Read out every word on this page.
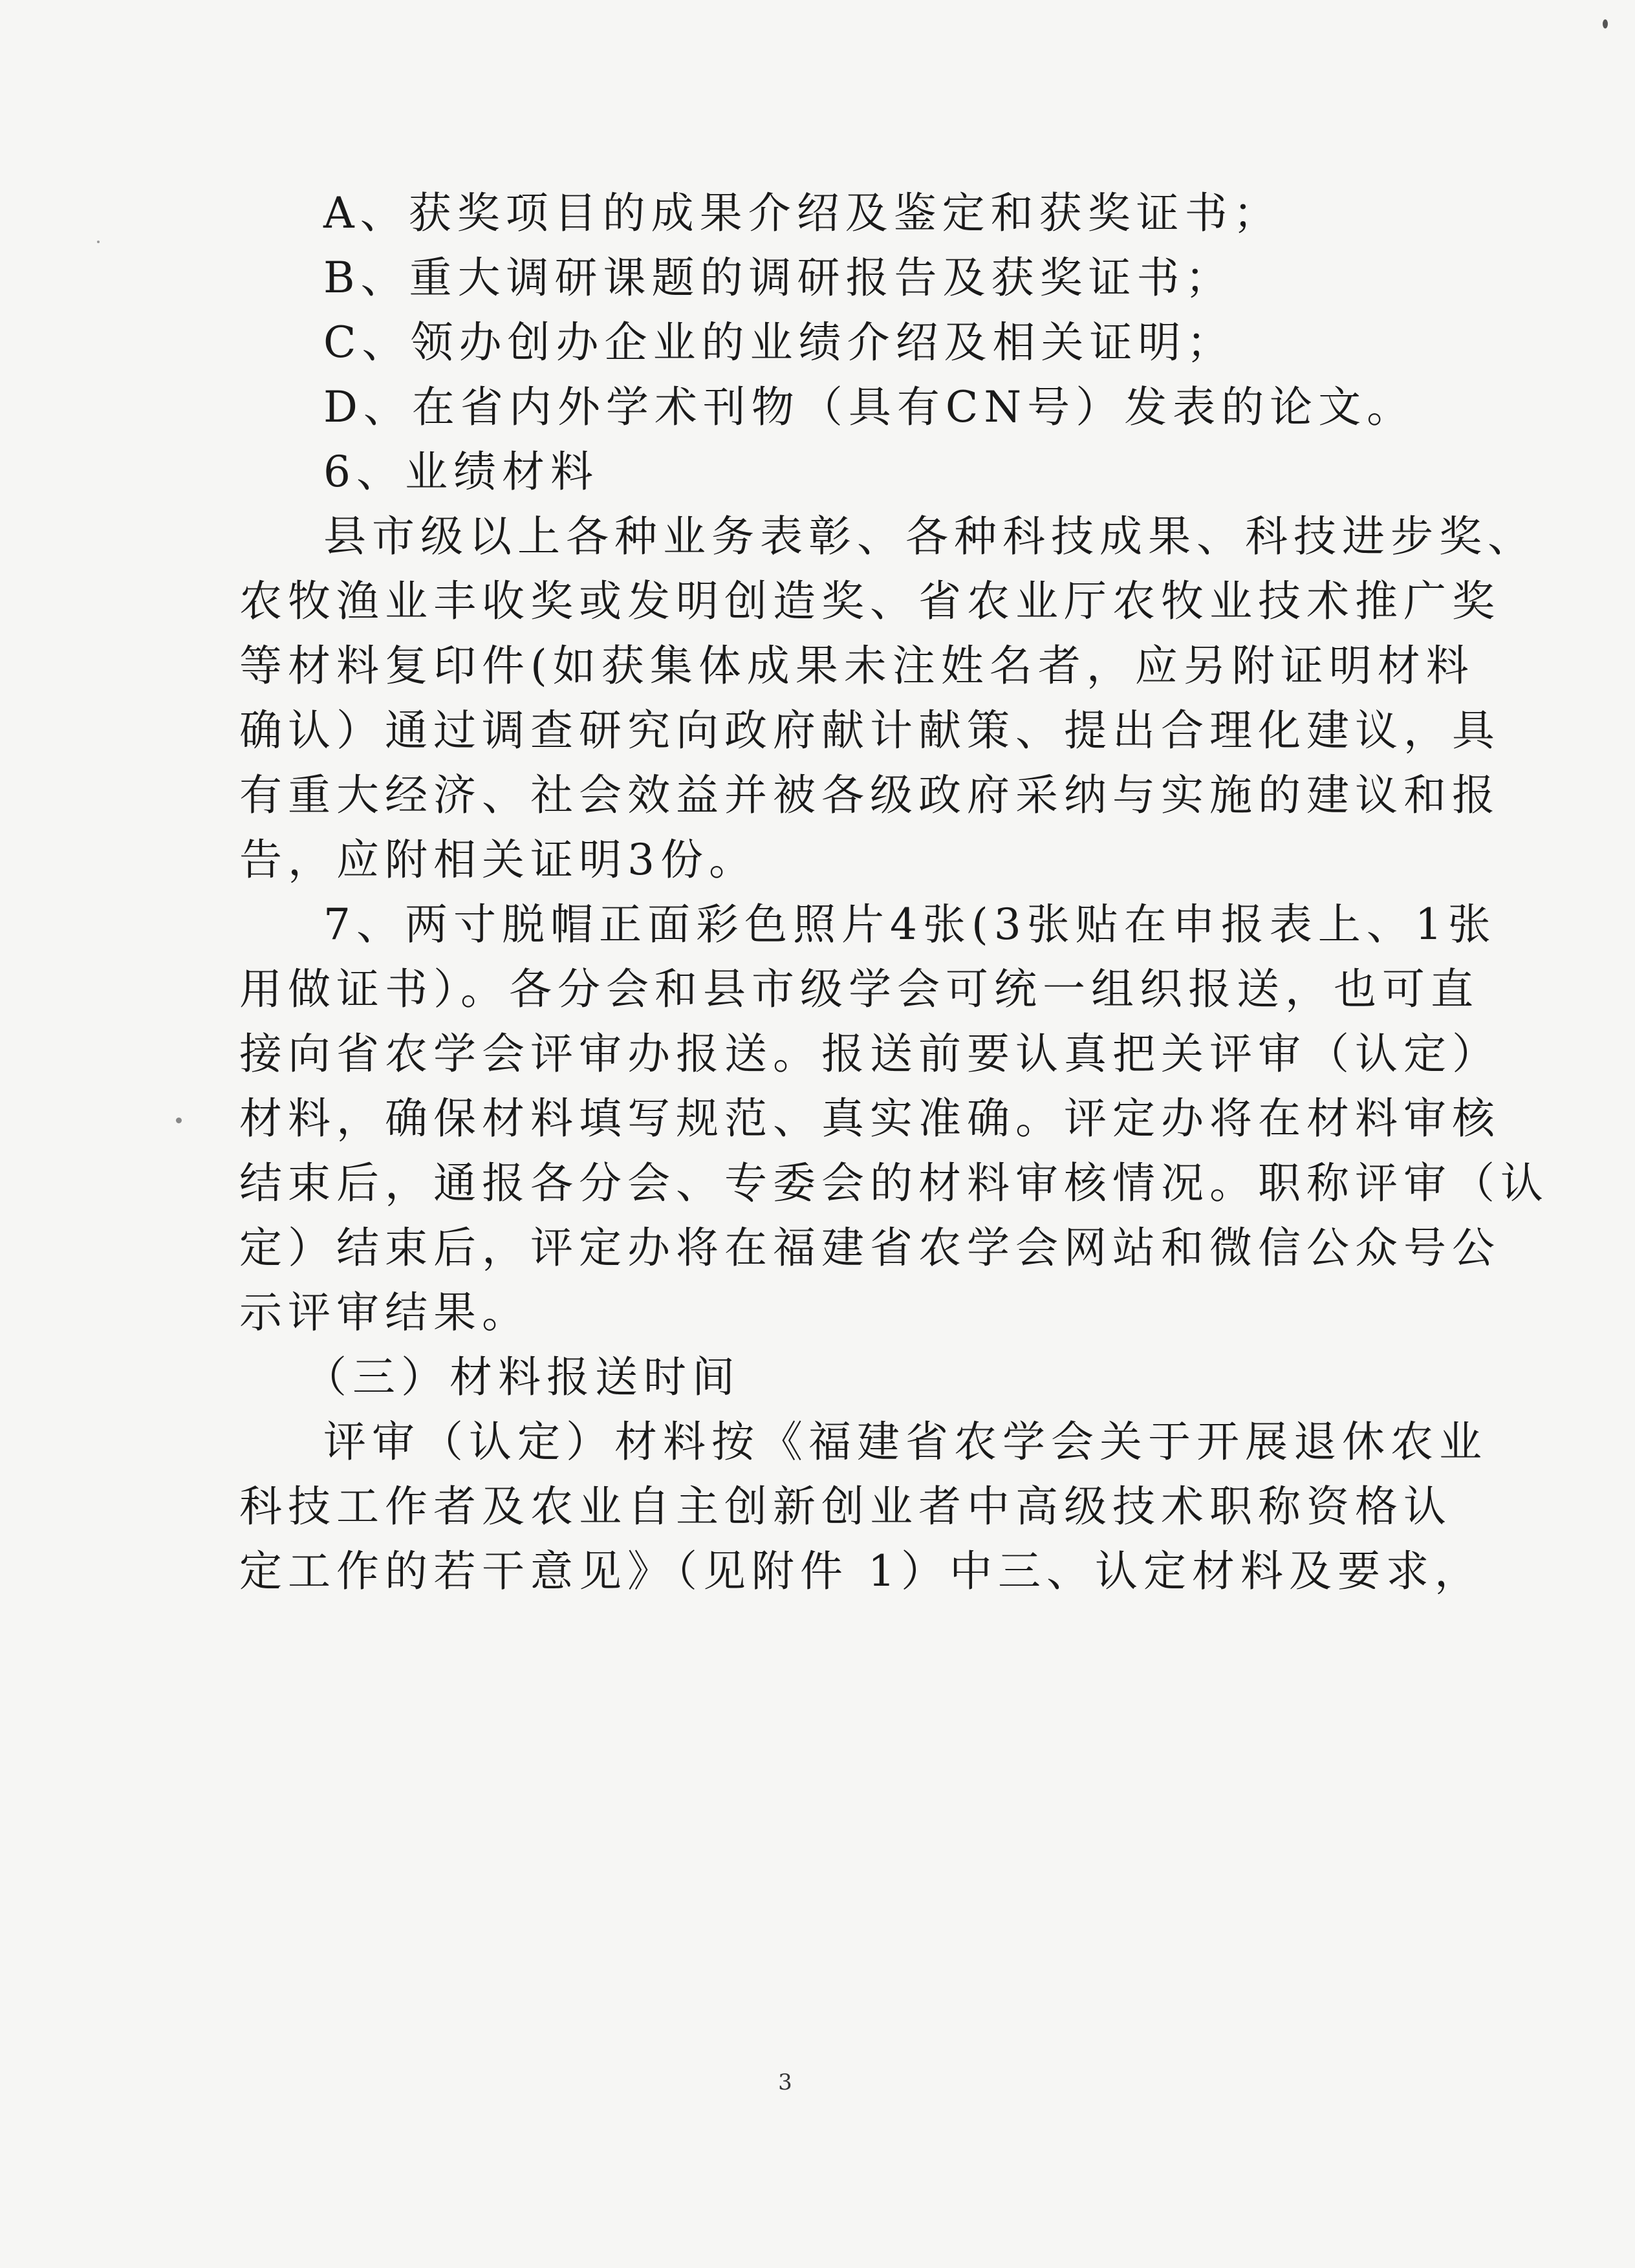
A、获奖项目的成果介绍及鉴定和获奖证书；
B、重大调研课题的调研报告及获奖证书；
C、领办创办企业的业绩介绍及相关证明；
D、在省内外学术刊物（具有CN号）发表的论文。
6、业绩材料
县市级以上各种业务表彰、各种科技成果、科技进步奖、
农牧渔业丰收奖或发明创造奖、省农业厅农牧业技术推广奖
等材料复印件(如获集体成果未注姓名者，应另附证明材料
确认）通过调查研究向政府献计献策、提出合理化建议，具
有重大经济、社会效益并被各级政府采纳与实施的建议和报
告，应附相关证明3份。
7、两寸脱帽正面彩色照片4张(3张贴在申报表上、1张
用做证书）。各分会和县市级学会可统一组织报送，也可直
接向省农学会评审办报送。报送前要认真把关评审（认定）
材料，确保材料填写规范、真实准确。评定办将在材料审核
结束后，通报各分会、专委会的材料审核情况。职称评审（认
定）结束后，评定办将在福建省农学会网站和微信公众号公
示评审结果。
（三）材料报送时间
评审（认定）材料按《福建省农学会关于开展退休农业
科技工作者及农业自主创新创业者中高级技术职称资格认
定工作的若干意见》（见附件 1）中三、认定材料及要求，
3
